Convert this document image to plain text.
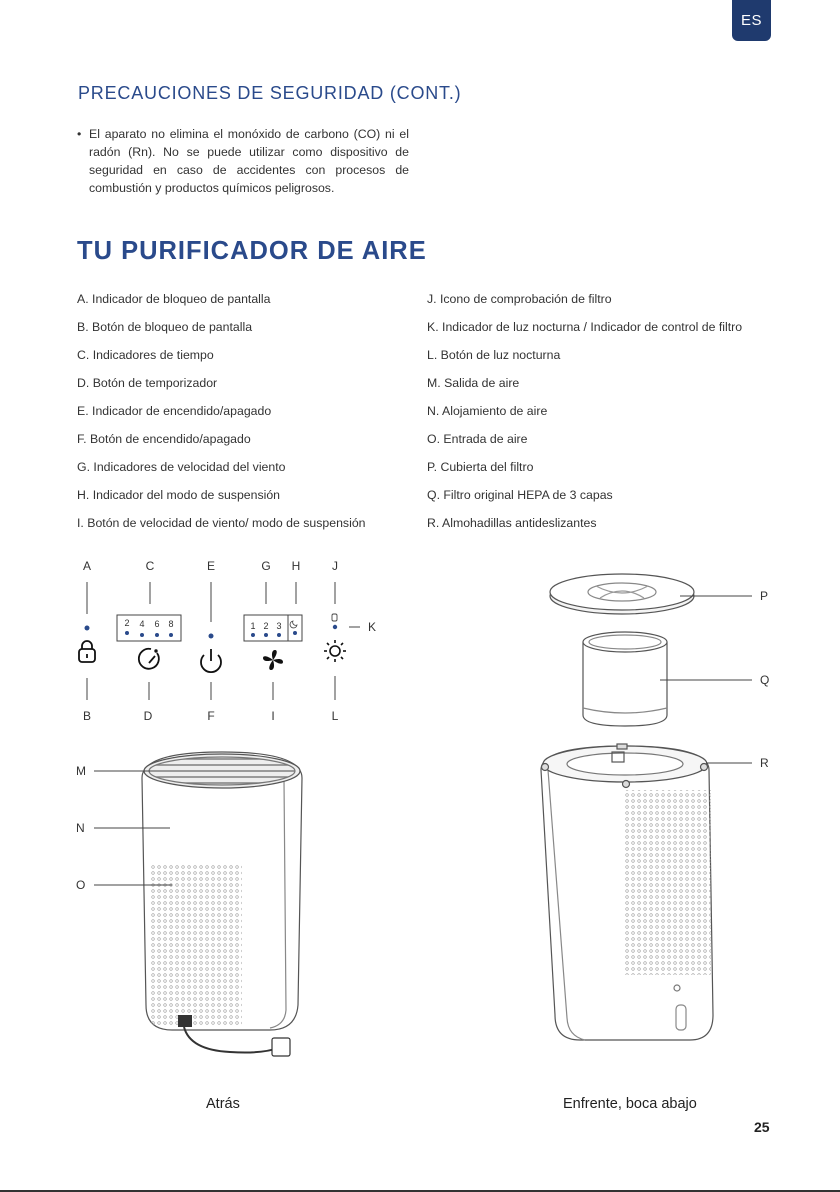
ES
PRECAUCIONES DE SEGURIDAD (CONT.)

• El aparato no elimina el monóxido de carbono (CO) ni el radón (Rn). No se puede utilizar como dispositivo de seguridad en caso de accidentes con procesos de combustión y productos químicos peligrosos.

TU PURIFICADOR DE AIRE
A. Indicador de bloqueo de pantalla
B. Botón de bloqueo de pantalla
C. Indicadores de tiempo
D. Botón de temporizador
E. Indicador de encendido/apagado
F. Botón de encendido/apagado
G. Indicadores de velocidad del viento
H. Indicador del modo de suspensión
I. Botón de velocidad de viento/ modo de suspensión
J. Icono de comprobación de filtro
K. Indicador de luz nocturna / Indicador de control de filtro
L. Botón de luz nocturna
M. Salida de aire
N. Alojamiento de aire
O. Entrada de aire
P. Cubierta del filtro
Q. Filtro original HEPA de 3 capas
R. Almohadillas antideslizantes
A	C	E	G H	J
2 4 6 8	1 2 3	K
B	D	F	I	L
M
N
O
P
Q
R
Atrás	Enfrente, boca abajo
25
